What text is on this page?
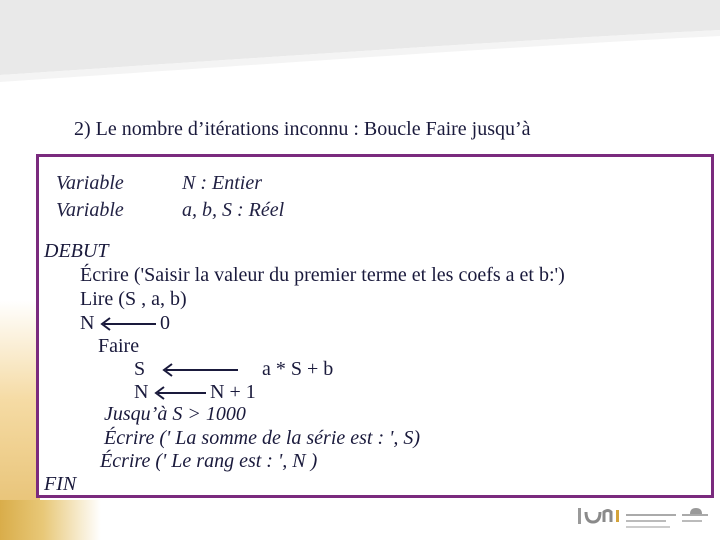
2) Le nombre d’itérations inconnu : Boucle Faire jusqu’à
Variable	N : Entier
Variable	a, b, S : Réel
DEBUT
Écrire ('Saisir la valeur du premier terme et les coefs a et b:')
Lire (S , a, b)
N	0
Faire
S	a * S + b
N	N + 1
Jusqu’à S > 1000
Écrire (' La somme de la série est : ', S)
Écrire (' Le rang est : ', N )
FIN
